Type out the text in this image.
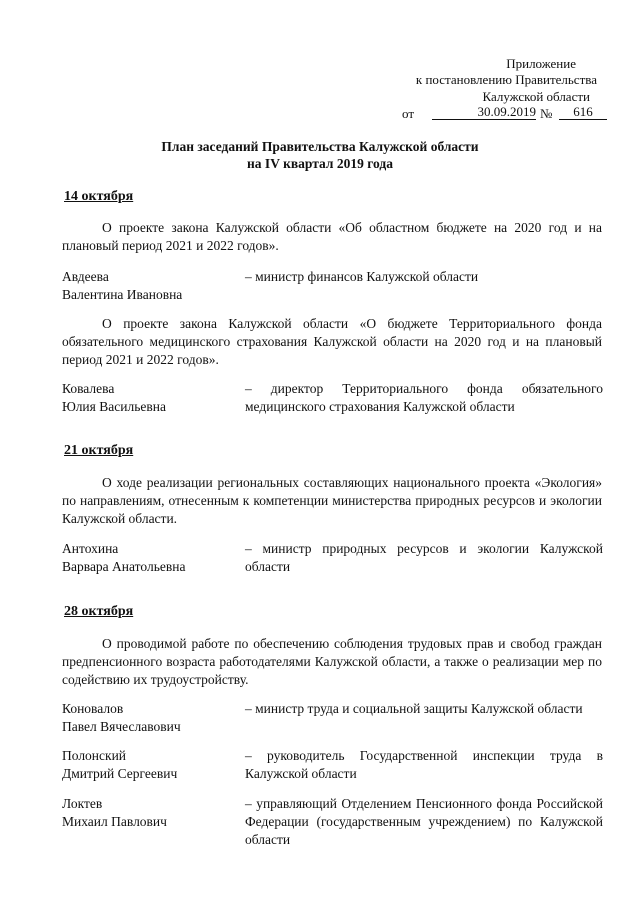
Приложение
к постановлению Правительства
Калужской области
от	30.09.2019 №	616
План заседаний Правительства Калужской области
на IV квартал 2019 года
14 октября
О проекте закона Калужской области «Об областном бюджете на 2020 год и на плановый период 2021 и 2022 годов».
Авдеева
Валентина Ивановна
– министр финансов Калужской области
О проекте закона Калужской области «О бюджете Территориального фонда обязательного медицинского страхования Калужской области на 2020 год и на плановый период 2021 и 2022 годов».
Ковалева
Юлия Васильевна
– директор Территориального фонда обязательного медицинского страхования Калужской области
21 октября
О ходе реализации региональных составляющих национального проекта «Экология» по направлениям, отнесенным к компетенции министерства природных ресурсов и экологии Калужской области.
Антохина
Варвара Анатольевна
– министр природных ресурсов и экологии Калужской области
28 октября
О проводимой работе по обеспечению соблюдения трудовых прав и свобод граждан предпенсионного возраста работодателями Калужской области, а также о реализации мер по содействию их трудоустройству.
Коновалов
Павел Вячеславович
– министр труда и социальной защиты Калужской области
Полонский
Дмитрий Сергеевич
– руководитель Государственной инспекции труда в Калужской области
Локтев
Михаил Павлович
– управляющий Отделением Пенсионного фонда Российской Федерации (государственным учреждением) по Калужской области
